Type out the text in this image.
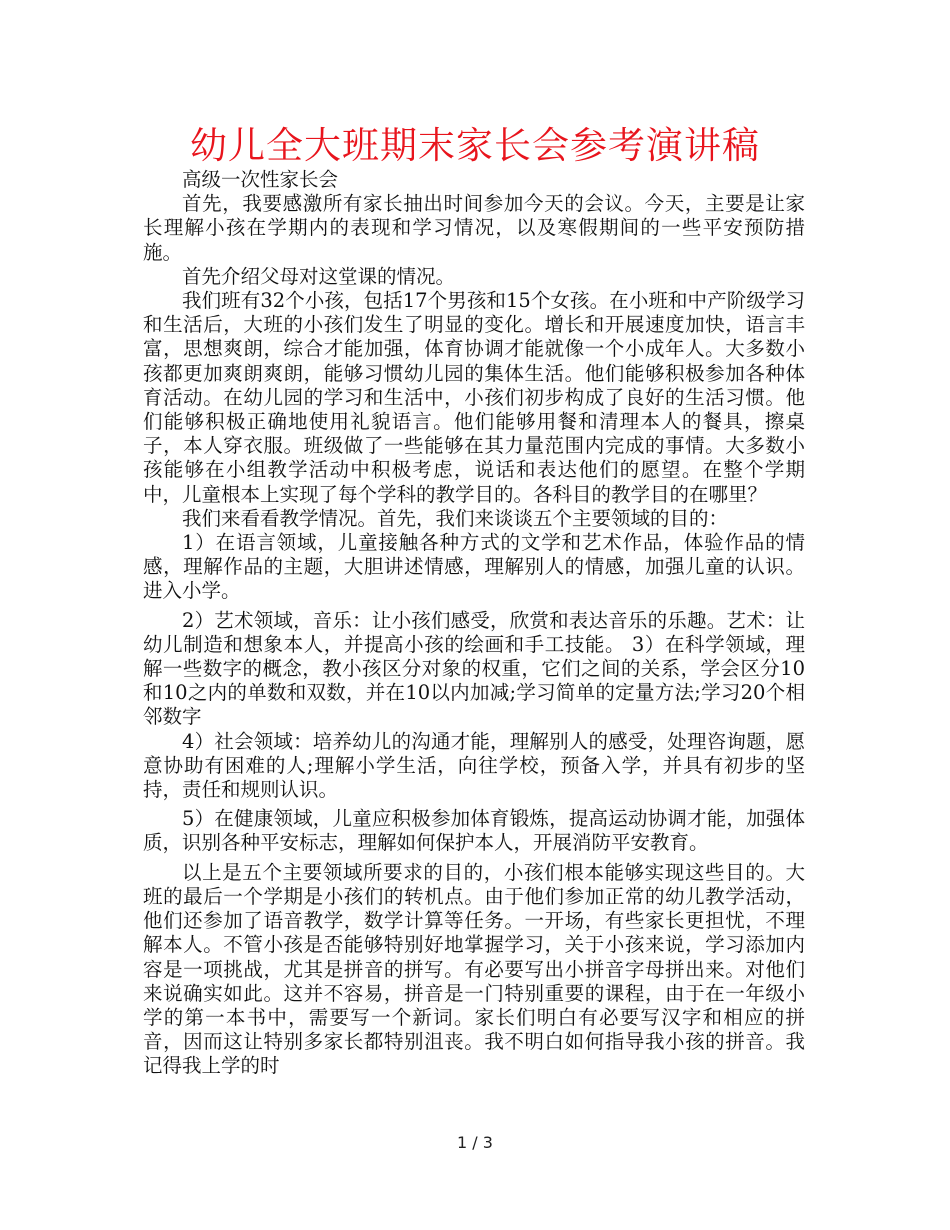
幼儿全大班期末家长会参考演讲稿

高级一次性家长会

首先，我要感激所有家长抽出时间参加今天的会议。今天，主要是让家长理解小孩在学期内的表现和学习情况，以及寒假期间的一些平安预防措施。

首先介绍父母对这堂课的情况。

我们班有32个小孩，包括17个男孩和15个女孩。在小班和中产阶级学习和生活后，大班的小孩们发生了明显的变化。增长和开展速度加快，语言丰富，思想爽朗，综合才能加强，体育协调才能就像一个小成年人。大多数小孩都更加爽朗爽朗，能够习惯幼儿园的集体生活。他们能够积极参加各种体育活动。在幼儿园的学习和生活中，小孩们初步构成了良好的生活习惯。他们能够积极正确地使用礼貌语言。他们能够用餐和清理本人的餐具，擦桌子，本人穿衣服。班级做了一些能够在其力量范围内完成的事情。大多数小孩能够在小组教学活动中积极考虑，说话和表达他们的愿望。在整个学期中，儿童根本上实现了每个学科的教学目的。各科目的教学目的在哪里？

我们来看看教学情况。首先，我们来谈谈五个主要领域的目的：

1）在语言领域，儿童接触各种方式的文学和艺术作品，体验作品的情感，理解作品的主题，大胆讲述情感，理解别人的情感，加强儿童的认识。进入小学。

2）艺术领域，音乐：让小孩们感受，欣赏和表达音乐的乐趣。艺术：让幼儿制造和想象本人，并提高小孩的绘画和手工技能。 3）在科学领域，理解一些数字的概念，教小孩区分对象的权重，它们之间的关系，学会区分10和10之内的单数和双数，并在10以内加减;学习简单的定量方法;学习20个相邻数字

4）社会领域：培养幼儿的沟通才能，理解别人的感受，处理咨询题，愿意协助有困难的人;理解小学生活，向往学校，预备入学，并具有初步的坚持，责任和规则认识。

5）在健康领域，儿童应积极参加体育锻炼，提高运动协调才能，加强体质，识别各种平安标志，理解如何保护本人，开展消防平安教育。

以上是五个主要领域所要求的目的，小孩们根本能够实现这些目的。大班的最后一个学期是小孩们的转机点。由于他们参加正常的幼儿教学活动，他们还参加了语音教学，数学计算等任务。一开场，有些家长更担忧，不理解本人。不管小孩是否能够特别好地掌握学习，关于小孩来说，学习添加内容是一项挑战，尤其是拼音的拼写。有必要写出小拼音字母拼出来。对他们来说确实如此。这并不容易，拼音是一门特别重要的课程，由于在一年级小学的第一本书中，需要写一个新词。家长们明白有必要写汉字和相应的拼音，因而这让特别多家长都特别沮丧。我不明白如何指导我小孩的拼音。我记得我上学的时

1 / 3
